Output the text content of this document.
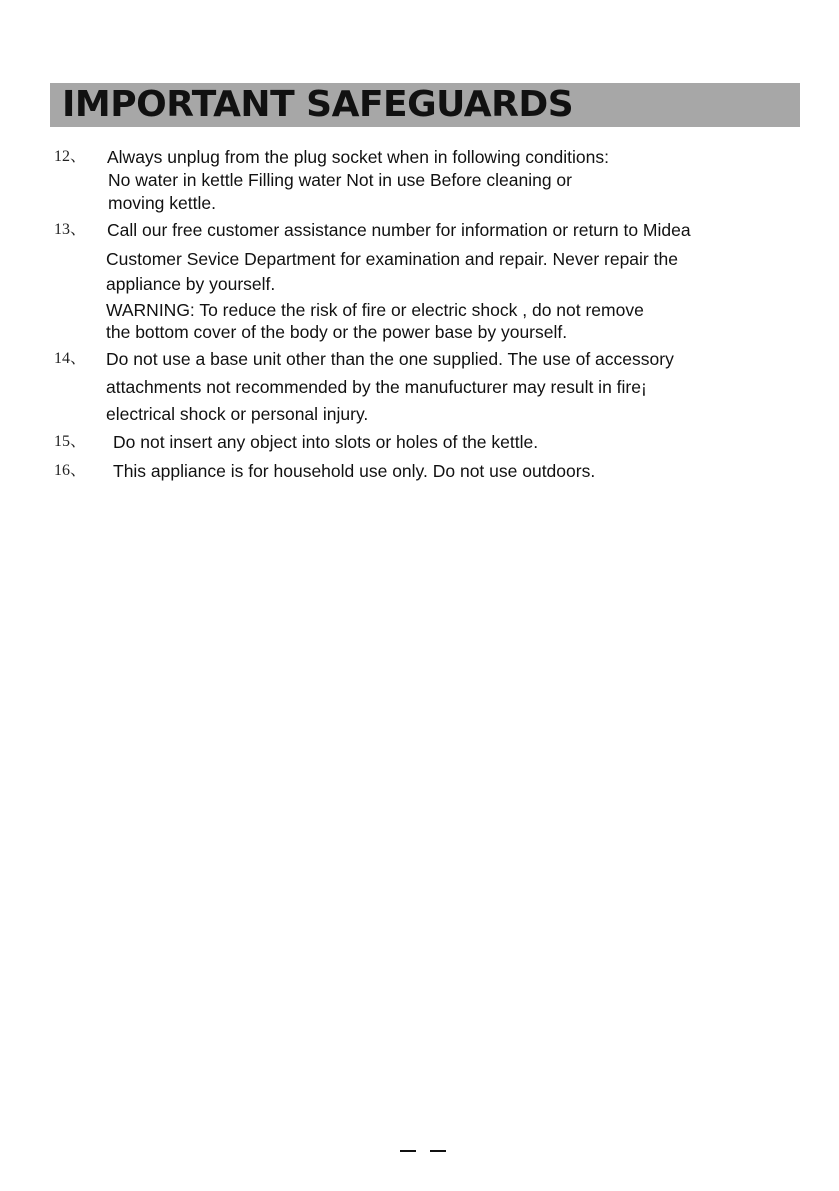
IMPORTANT SAFEGUARDS
12、 Always unplug from the plug socket when in following conditions:
No water in kettle Filling water Not in use Before cleaning or
moving kettle.
13、 Call our free customer assistance number for information or return to Midea
Customer Sevice Department for examination and repair. Never repair the
appliance by yourself.
WARNING: To reduce the risk of fire or electric shock , do not remove
the bottom cover of the body or the power base by yourself.
14、 Do not use a base unit other than the one supplied. The use of accessory
attachments not recommended by the manufucturer may result in fire¡
electrical shock or personal injury.
15、 Do not insert any object into slots or holes of the kettle.
16、 This appliance is for household use only. Do not use outdoors.
